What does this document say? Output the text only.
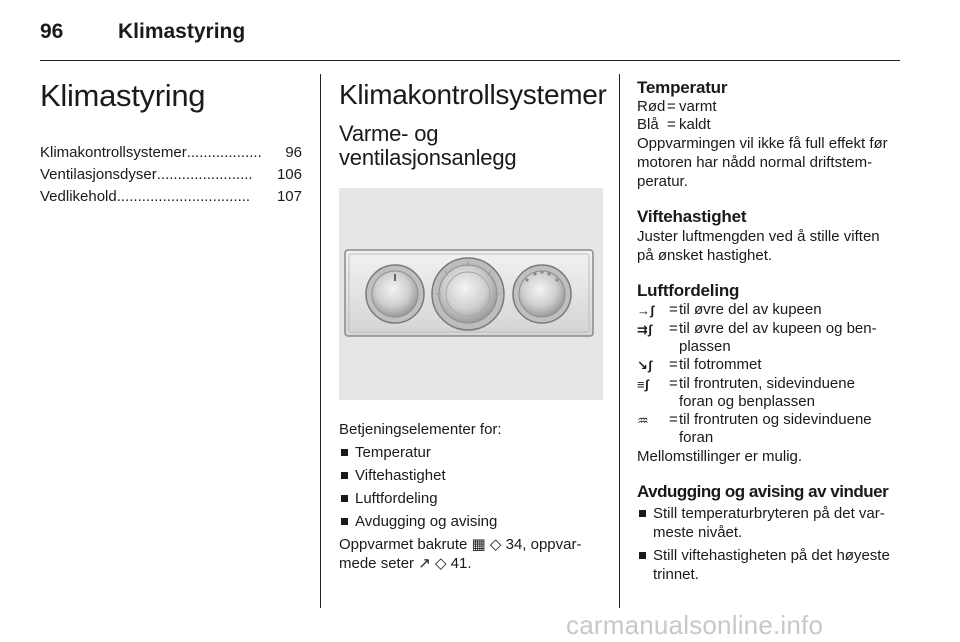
96	Klimastyring
Klimastyring
Klimakontrollsystemer ..................	96
Ventilasjonsdyser .......................	106
Vedlikehold ................................	107
Klimakontrollsystemer
Varme- og
ventilasjonsanlegg
Betjeningselementer for:
Temperatur
Viftehastighet
Luftfordeling
Avdugging og avising
Oppvarmet bakrute ▦ ◇ 34, oppvar-
mede seter ↗ ◇ 41.
Temperatur
Rød = varmt
Blå = kaldt
Oppvarmingen vil ikke få full effekt før
motoren har nådd normal driftstem-
peratur.
Viftehastighet
Juster luftmengden ved å stille viften
på ønsket hastighet.
Luftfordeling
→ʃ = til øvre del av kupeen
⇉ʃ	= til øvre del av kupeen og ben-
plassen
↘ʃ	= til fotrommet
≡ʃ	= til frontruten, sidevinduene
foran og benplassen
♒	= til frontruten og sidevinduene
foran
Mellomstillinger er mulig.
Avdugging og avising av vinduer
Still temperaturbryteren på det var-
meste nivået.
Still viftehastigheten på det høyeste
trinnet.
carmanualsonline.info
